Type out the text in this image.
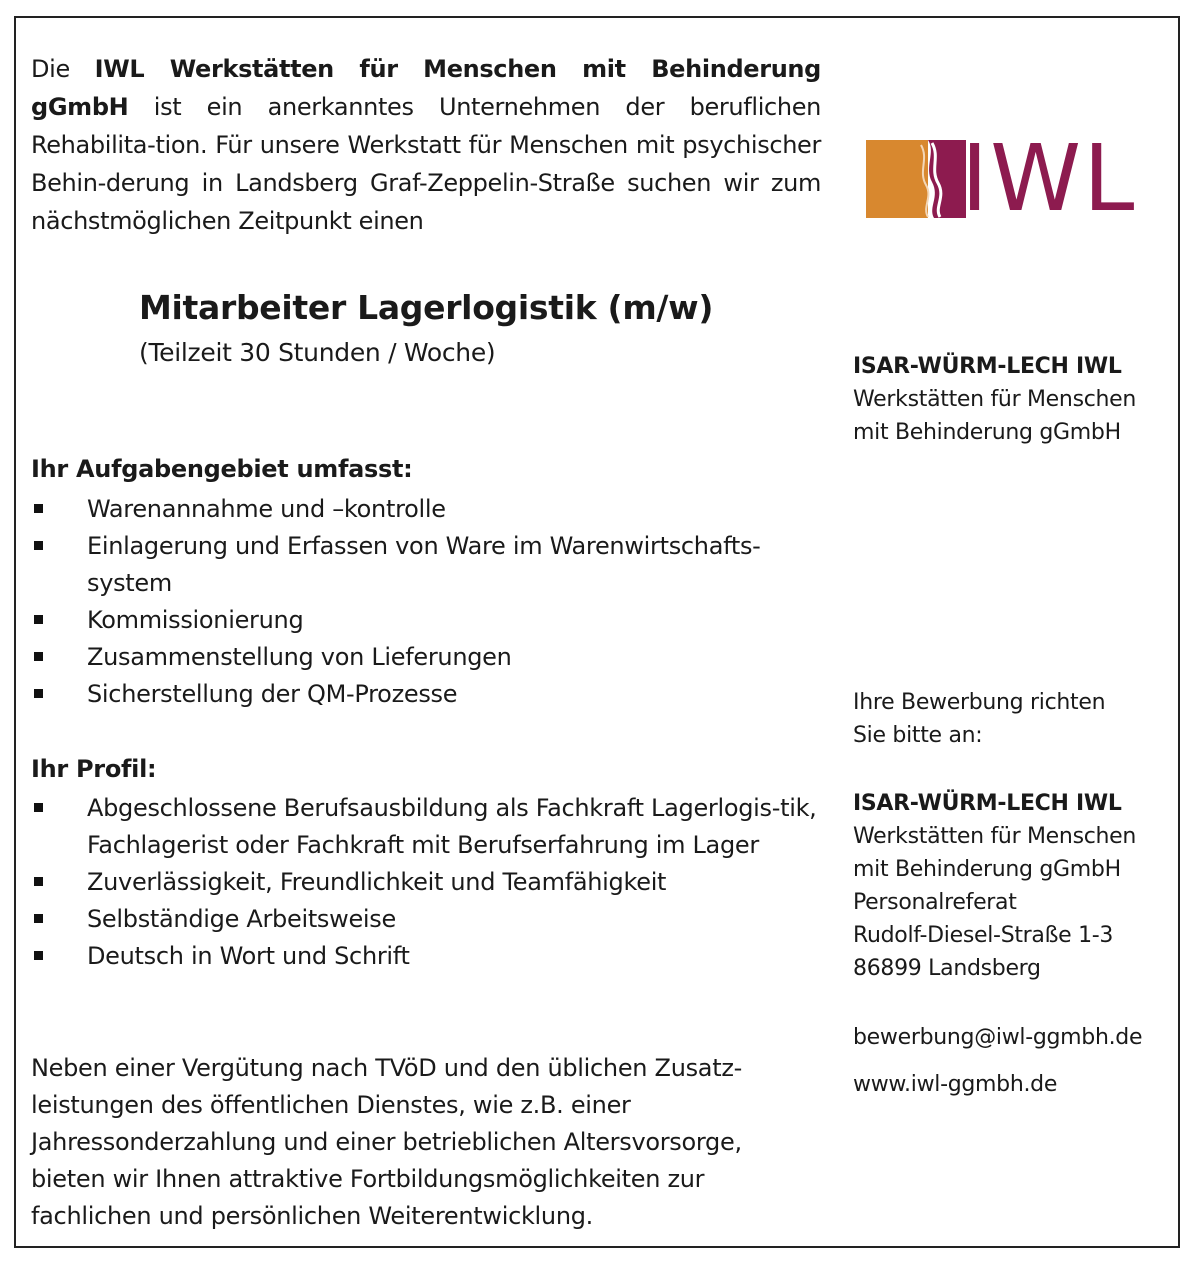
Die IWL Werkstätten für Menschen mit Behinderung gGmbH ist ein anerkanntes Unternehmen der beruflichen Rehabilita-tion. Für unsere Werkstatt für Menschen mit psychischer Behin-derung in Landsberg Graf-Zeppelin-Straße suchen wir zum nächstmöglichen Zeitpunkt einen	IWL
Mitarbeiter Lagerlogistik (m/w)

(Teilzeit 30 Stunden / Woche)

Ihr Aufgabengebiet umfasst:
Warenannahme und –kontrolle
Einlagerung und Erfassen von Ware im Warenwirtschafts-system
Kommissionierung
Zusammenstellung von Lieferungen
Sicherstellung der QM-Prozesse
Ihr Profil:
Abgeschlossene Berufsausbildung als Fachkraft Lagerlogis-tik, Fachlagerist oder Fachkraft mit Berufserfahrung im Lager
Zuverlässigkeit, Freundlichkeit und Teamfähigkeit
Selbständige Arbeitsweise
Deutsch in Wort und Schrift

Neben einer Vergütung nach TVöD und den üblichen Zusatz-leistungen des öffentlichen Dienstes, wie z.B. einer Jahressonderzahlung und einer betrieblichen Altersvorsorge, bieten wir Ihnen attraktive Fortbildungsmöglichkeiten zur fachlichen und persönlichen Weiterentwicklung.

ISAR-WÜRM-LECH IWL
Werkstätten für Menschen
mit Behinderung gGmbH
Ihre Bewerbung richten
Sie bitte an:
ISAR-WÜRM-LECH IWL
Werkstätten für Menschen
mit Behinderung gGmbH
Personalreferat
Rudolf-Diesel-Straße 1-3
86899 Landsberg
bewerbung@iwl-ggmbh.de
www.iwl-ggmbh.de
